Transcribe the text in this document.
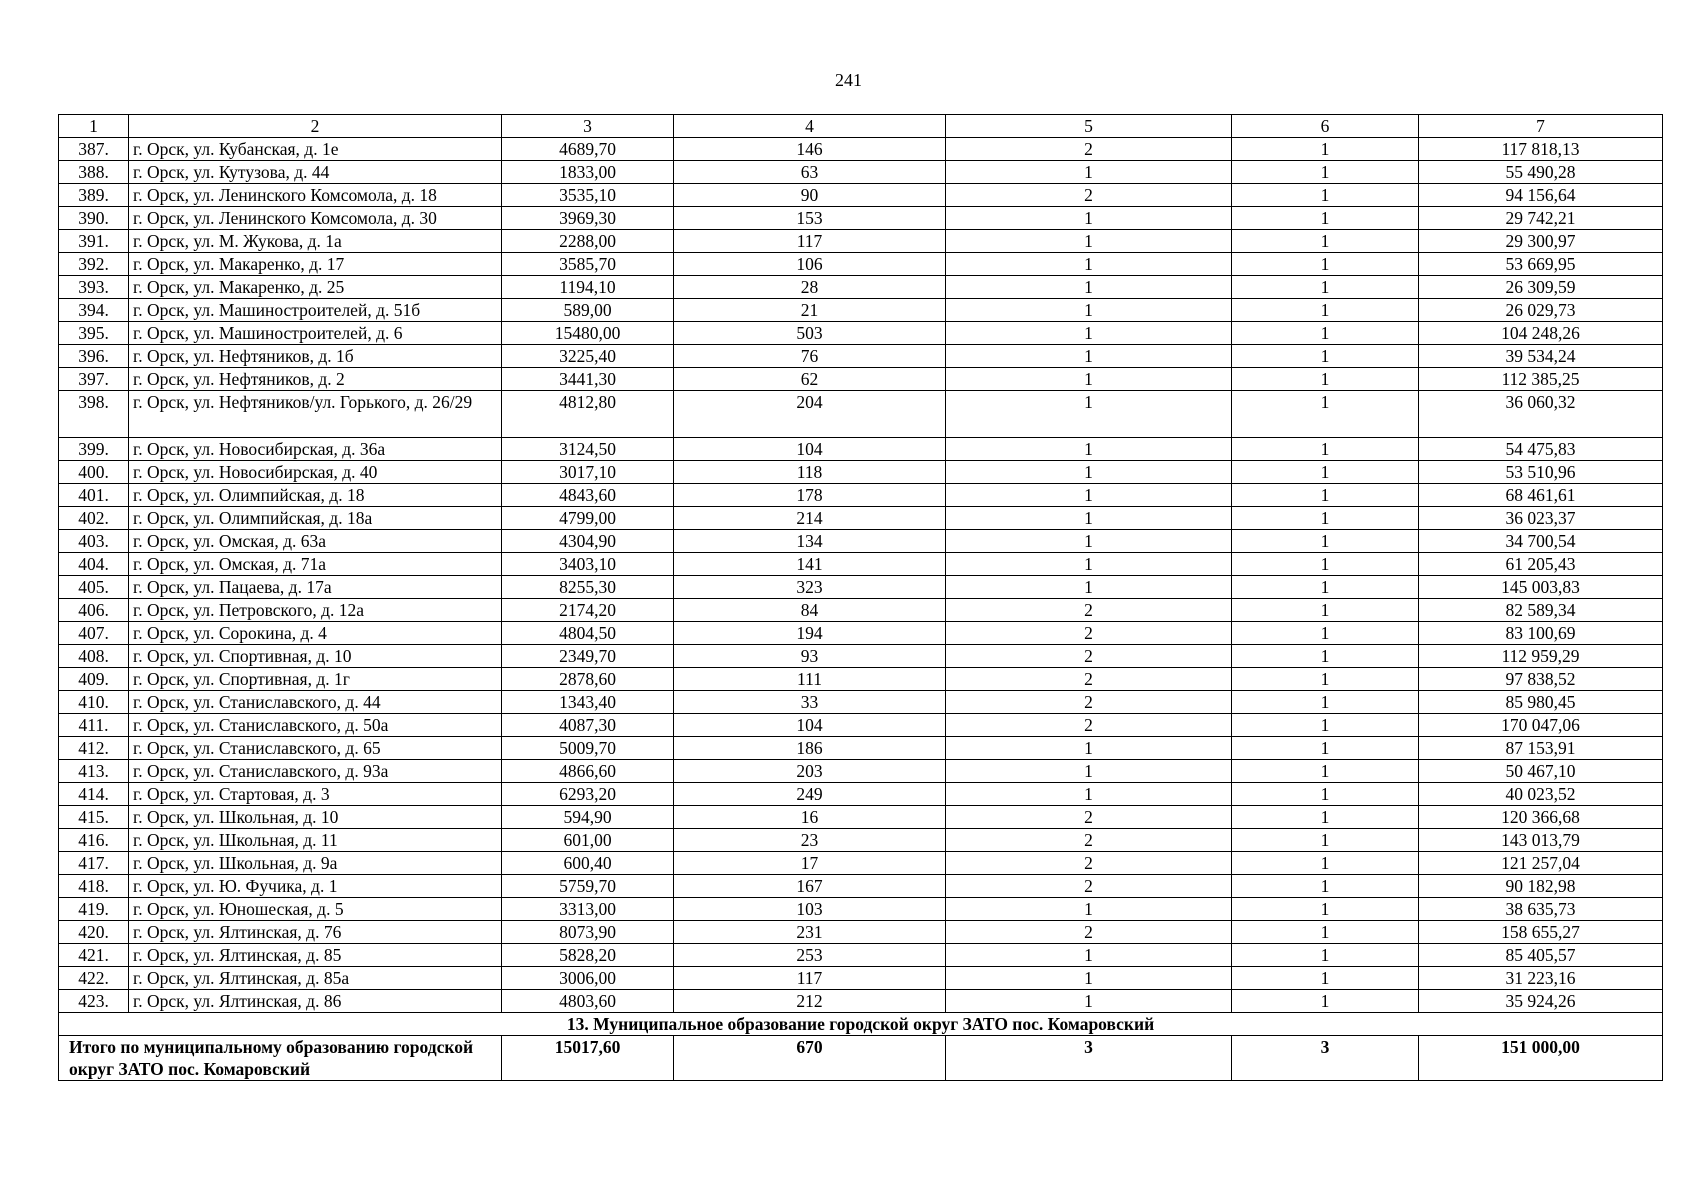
241
1	2	3	4	5	6	7
387.	г. Орск, ул. Кубанская, д. 1е	4689,70	146	2	1	117 818,13
388.	г. Орск, ул. Кутузова, д. 44	1833,00	63	1	1	55 490,28
389.	г. Орск, ул. Ленинского Комсомола, д. 18	3535,10	90	2	1	94 156,64
390.	г. Орск, ул. Ленинского Комсомола, д. 30	3969,30	153	1	1	29 742,21
391.	г. Орск, ул. М. Жукова, д. 1а	2288,00	117	1	1	29 300,97
392.	г. Орск, ул. Макаренко, д. 17	3585,70	106	1	1	53 669,95
393.	г. Орск, ул. Макаренко, д. 25	1194,10	28	1	1	26 309,59
394.	г. Орск, ул. Машиностроителей, д. 51б	589,00	21	1	1	26 029,73
395.	г. Орск, ул. Машиностроителей, д. 6	15480,00	503	1	1	104 248,26
396.	г. Орск, ул. Нефтяников, д. 1б	3225,40	76	1	1	39 534,24
397.	г. Орск, ул. Нефтяников, д. 2	3441,30	62	1	1	112 385,25
398.	г. Орск, ул. Нефтяников/ул. Горького, д. 26/29	4812,80	204	1	1	36 060,32
399.	г. Орск, ул. Новосибирская, д. 36а	3124,50	104	1	1	54 475,83
400.	г. Орск, ул. Новосибирская, д. 40	3017,10	118	1	1	53 510,96
401.	г. Орск, ул. Олимпийская, д. 18	4843,60	178	1	1	68 461,61
402.	г. Орск, ул. Олимпийская, д. 18а	4799,00	214	1	1	36 023,37
403.	г. Орск, ул. Омская, д. 63а	4304,90	134	1	1	34 700,54
404.	г. Орск, ул. Омская, д. 71а	3403,10	141	1	1	61 205,43
405.	г. Орск, ул. Пацаева, д. 17а	8255,30	323	1	1	145 003,83
406.	г. Орск, ул. Петровского, д. 12а	2174,20	84	2	1	82 589,34
407.	г. Орск, ул. Сорокина, д. 4	4804,50	194	2	1	83 100,69
408.	г. Орск, ул. Спортивная, д. 10	2349,70	93	2	1	112 959,29
409.	г. Орск, ул. Спортивная, д. 1г	2878,60	111	2	1	97 838,52
410.	г. Орск, ул. Станиславского, д. 44	1343,40	33	2	1	85 980,45
411.	г. Орск, ул. Станиславского, д. 50а	4087,30	104	2	1	170 047,06
412.	г. Орск, ул. Станиславского, д. 65	5009,70	186	1	1	87 153,91
413.	г. Орск, ул. Станиславского, д. 93а	4866,60	203	1	1	50 467,10
414.	г. Орск, ул. Стартовая, д. 3	6293,20	249	1	1	40 023,52
415.	г. Орск, ул. Школьная, д. 10	594,90	16	2	1	120 366,68
416.	г. Орск, ул. Школьная, д. 11	601,00	23	2	1	143 013,79
417.	г. Орск, ул. Школьная, д. 9а	600,40	17	2	1	121 257,04
418.	г. Орск, ул. Ю. Фучика, д. 1	5759,70	167	2	1	90 182,98
419.	г. Орск, ул. Юношеская, д. 5	3313,00	103	1	1	38 635,73
420.	г. Орск, ул. Ялтинская, д. 76	8073,90	231	2	1	158 655,27
421.	г. Орск, ул. Ялтинская, д. 85	5828,20	253	1	1	85 405,57
422.	г. Орск, ул. Ялтинская, д. 85а	3006,00	117	1	1	31 223,16
423.	г. Орск, ул. Ялтинская, д. 86	4803,60	212	1	1	35 924,26
13. Муниципальное образование городской округ ЗАТО пос. Комаровский						
Итого по муниципальному образованию городской округ ЗАТО пос. Комаровский		15017,60	670	3	3	151 000,00
